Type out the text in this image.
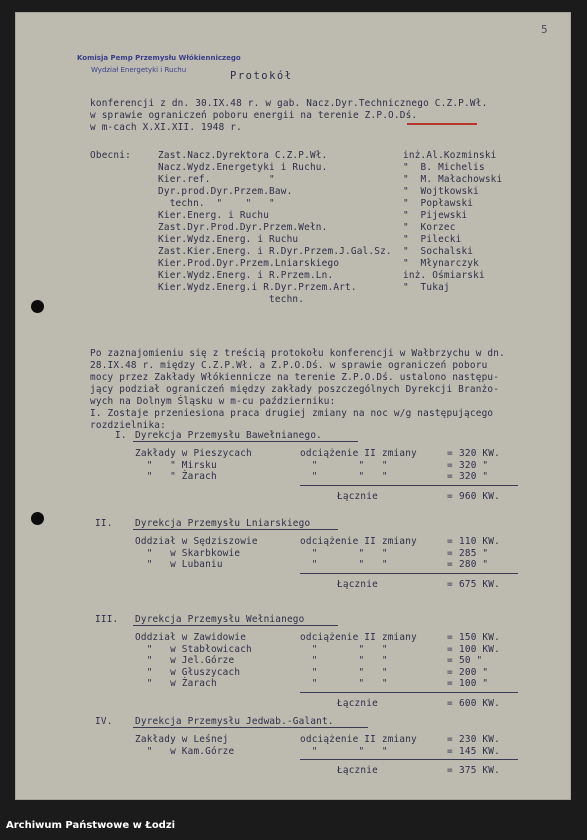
5
Komisja Pemp Przemysłu Włókienniczego
Wydział Energetyki i Ruchu	Protokół
konferencji z dn. 30.IX.48 r. w gab. Nacz.Dyr.Technicznego C.Z.P.Wł.
w sprawie ograniczeń poboru energii na terenie Z.P.O.Dś.
w m-cach X.XI.XII. 1948 r.
Obecni:	Zast.Nacz.Dyrektora C.Z.P.Wł.	inż.Al.Kozminski
Nacz.Wydz.Energetyki i Ruchu.	"  B. Michelis
Kier.ref.          "	"  M. Małachowski
Dyr.prod.Dyr.Przem.Baw.	"  Wojtkowski
techn.  "    "   "	"  Popławski
Kier.Energ. i Ruchu	"  Pijewski
Zast.Dyr.Prod.Dyr.Przem.Wełn.	"  Korzec
Kier.Wydz.Energ. i Ruchu	"  Pilecki
Zast.Kier.Energ. i R.Dyr.Przem.J.Gal.Sz. "  Sochalski
Kier.Prod.Dyr.Przem.Lniarskiego	"  Młynarczyk
Kier.Wydz.Energ. i R.Przem.Ln.	inż. Ośmiarski
Kier.Wydz.Energ.i R.Dyr.Przem.Art.	"  Tukaj
techn.
Po zaznajomieniu się z treścią protokołu konferencji w Wałbrzychu w dn.
28.IX.48 r. między C.Z.P.Wł. a Z.P.O.Dś. w sprawie ograniczeń poboru
mocy przez Zakłady Włókiennicze na terenie Z.P.O.Dś. ustalono następu-
jący podział ograniczeń między zakłady poszczególnych Dyrekcji Branżo-
wych na Dolnym Śląsku w m-cu październiku:
I. Zostaje przeniesiona praca drugiej zmiany na noc w/g następującego
rozdzielnika:
I. Dyrekcja Przemysłu Bawełnianego.
Zakłady w Pieszycach	odciążenie II zmiany	= 320 KW.
"   " Mirsku	"       "   "	= 320 "
"   " Żarach	"       "   "	= 320 "
Łącznie	= 960 KW.
II. Dyrekcja Przemysłu Lniarskiego
Oddział w Sędziszowie	odciążenie II zmiany	= 110 KW.
"   w Skarbkowie	"       "   "	= 285 "
"   w Lubaniu	"       "   "	= 280 "
Łącznie	= 675 KW.
III. Dyrekcja Przemysłu Wełnianego
Oddział w Zawidowie	odciążenie II zmiany	= 150 KW.
"   w Stabłowicach	"       "   "	= 100 KW.
"   w Jel.Górze	"       "   "	= 50 "
"   w Głuszycach	"       "   "	= 200 "
"   w Żarach	"       "   "	= 100 "
Łącznie	= 600 KW.
IV. Dyrekcja Przemysłu Jedwab.-Galant.
Zakłady w Leśnej	odciążenie II zmiany	= 230 KW.
"   w Kam.Górze	"       "   "	= 145 KW.
Łącznie	= 375 KW.
Archiwum Państwowe w Łodzi
